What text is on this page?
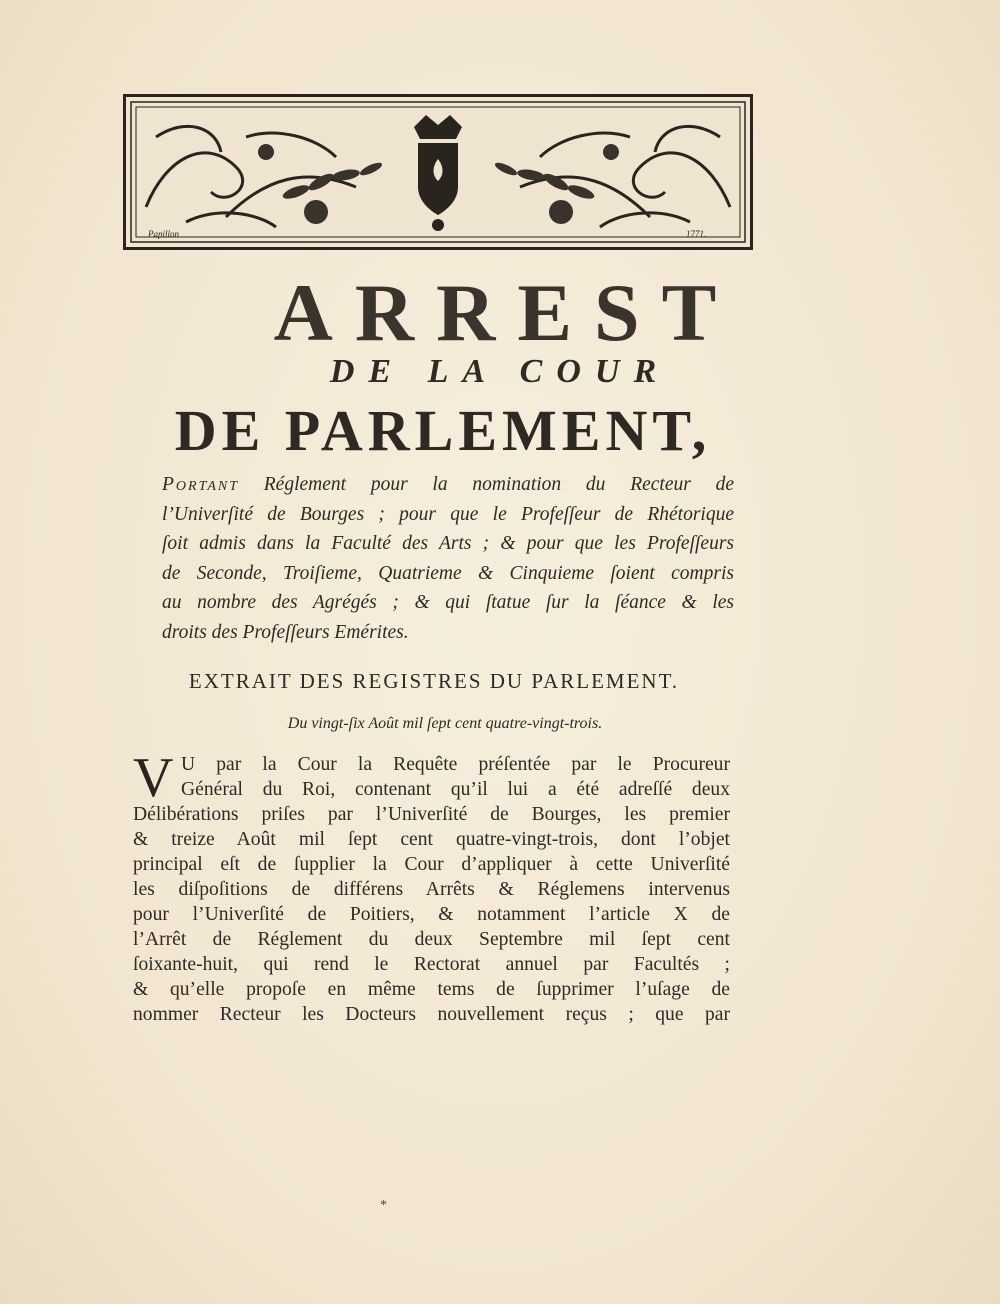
Papillon	1771.
ARREST
DE LA COUR
DE PARLEMENT,

Portant Réglement pour la nomination du Recteur de

l’Univerſité de Bourges ; pour que le Profeſſeur de Rhétorique

ſoit admis dans la Faculté des Arts ; & pour que les Profeſſeurs

de Seconde, Troiſieme, Quatrieme & Cinquieme ſoient compris

au nombre des Agrégés ; & qui ſtatue ſur la ſéance & les

droits des Profeſſeurs Emérites.

EXTRAIT DES REGISTRES DU PARLEMENT.
Du vingt-ſix Août mil ſept cent quatre-vingt-trois.
V U par la Cour la Requête préſentée par le Procureur
Général du Roi, contenant qu’il lui a été adreſſé deux
Délibérations priſes par l’Univerſité de Bourges, les premier
& treize Août mil ſept cent quatre-vingt-trois, dont l’objet
principal eſt de ſupplier la Cour d’appliquer à cette Univerſité
les diſpoſitions de différens Arrêts & Réglemens intervenus
pour l’Univerſité de Poitiers, & notamment l’article X de
l’Arrêt de Réglement du deux Septembre mil ſept cent
ſoixante-huit, qui rend le Rectorat annuel par Facultés ;
& qu’elle propoſe en même tems de ſupprimer l’uſage de
nommer Recteur les Docteurs nouvellement reçus ; que par
*
